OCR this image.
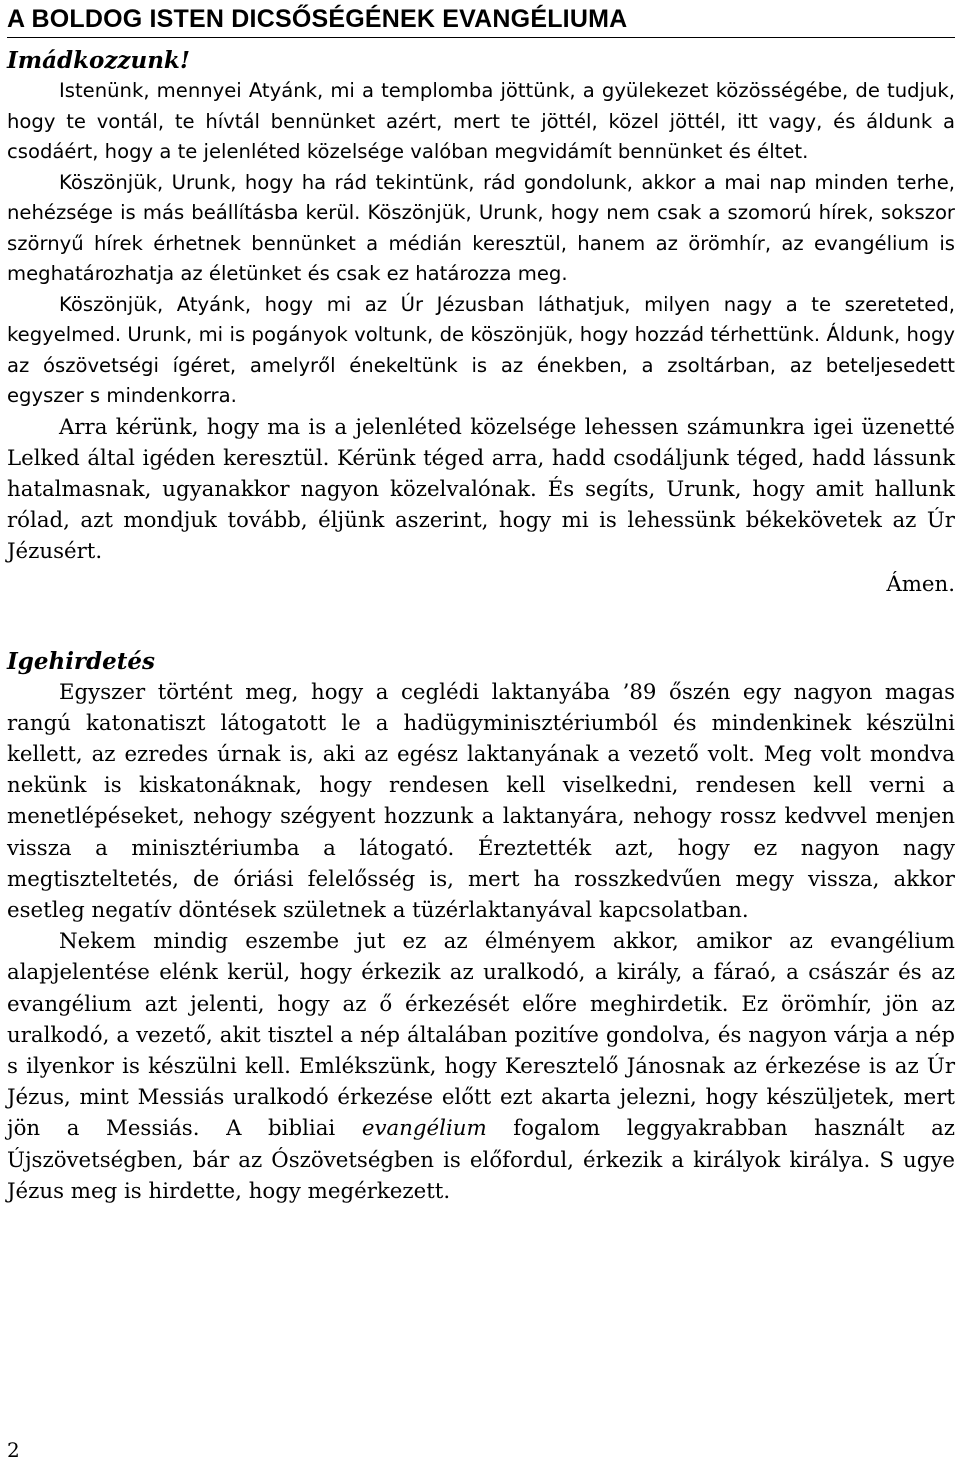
A BOLDOG ISTEN DICSŐSÉGÉNEK EVANGÉLIUMA
Imádkozzunk!

Istenünk, mennyei Atyánk, mi a templomba jöttünk, a gyülekezet közösségébe, de tudjuk, hogy te vontál, te hívtál bennünket azért, mert te jöttél, közel jöttél, itt vagy, és áldunk a csodáért, hogy a te jelenléted közelsége valóban megvidámít bennünket és éltet.

Köszönjük, Urunk, hogy ha rád tekintünk, rád gondolunk, akkor a mai nap minden terhe, nehézsége is más beállításba kerül. Köszönjük, Urunk, hogy nem csak a szomorú hírek, sokszor szörnyű hírek érhetnek bennünket a médián keresztül, hanem az örömhír, az evangélium is meghatározhatja az életünket és csak ez határozza meg.

Köszönjük, Atyánk, hogy mi az Úr Jézusban láthatjuk, milyen nagy a te szereteted, kegyelmed. Urunk, mi is pogányok voltunk, de köszönjük, hogy hozzád térhettünk. Áldunk, hogy az ószövetségi ígéret, amelyről énekeltünk is az énekben, a zsoltárban, az beteljesedett egyszer s mindenkorra.

Arra kérünk, hogy ma is a jelenléted közelsége lehessen számunkra igei üzenetté Lelked által igéden keresztül. Kérünk téged arra, hadd csodáljunk téged, hadd lássunk hatalmasnak, ugyanakkor nagyon közelvalónak. És segíts, Urunk, hogy amit hallunk rólad, azt mondjuk tovább, éljünk aszerint, hogy mi is lehessünk békekövetek az Úr Jézusért.

Ámen.
Igehirdetés

Egyszer történt meg, hogy a ceglédi laktanyába ’89 őszén egy nagyon magas rangú katonatiszt látogatott le a hadügyminisztériumból és mindenkinek készülni kellett, az ezredes úrnak is, aki az egész laktanyának a vezető volt. Meg volt mondva nekünk is kiskatonáknak, hogy rendesen kell viselkedni, rendesen kell verni a menetlépéseket, nehogy szégyent hozzunk a laktanyára, nehogy rossz kedvvel menjen vissza a minisztériumba a látogató. Éreztették azt, hogy ez nagyon nagy megtiszteltetés, de óriási felelősség is, mert ha rosszkedvűen megy vissza, akkor esetleg negatív döntések születnek a tüzérlaktanyával kapcsolatban.

Nekem mindig eszembe jut ez az élményem akkor, amikor az evangélium alapjelentése elénk kerül, hogy érkezik az uralkodó, a király, a fáraó, a császár és az evangélium azt jelenti, hogy az ő érkezését előre meghirdetik. Ez örömhír, jön az uralkodó, a vezető, akit tisztel a nép általában pozitíve gondolva, és nagyon várja a nép s ilyenkor is készülni kell. Emlékszünk, hogy Keresztelő Jánosnak az érkezése is az Úr Jézus, mint Messiás uralkodó érkezése előtt ezt akarta jelezni, hogy készüljetek, mert jön a Messiás. A bibliai evangélium fogalom leggyakrabban használt az Újszövetségben, bár az Ószövetségben is előfordul, érkezik a királyok királya. S ugye Jézus meg is hirdette, hogy megérkezett.

2
